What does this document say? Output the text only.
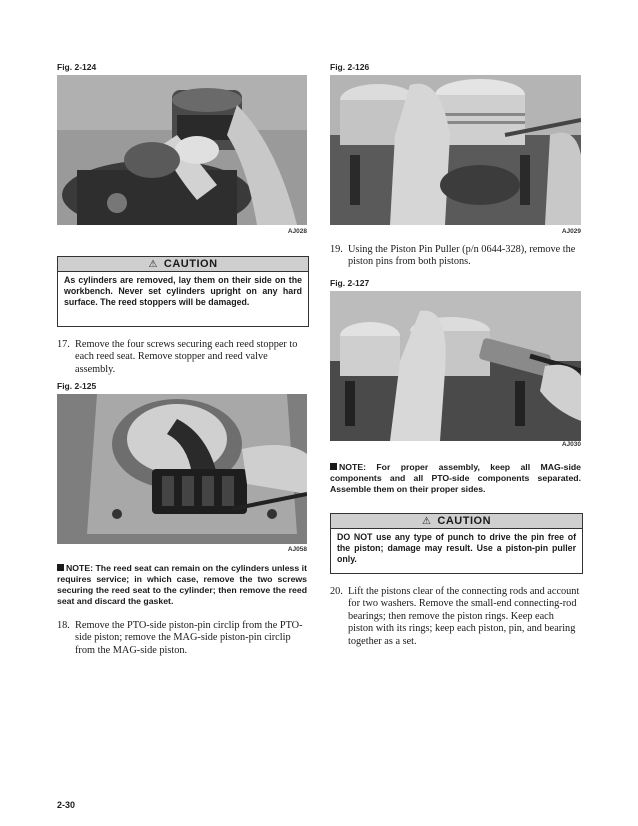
Fig. 2-124
AJ028
⚠ CAUTION
As cylinders are removed, lay them on their side on the workbench. Never set cylinders upright on any hard surface. The reed stoppers will be damaged.
17. Remove the four screws securing each reed stopper to each reed seat. Remove stopper and reed valve assembly.
Fig. 2-125
AJ058
NOTE: The reed seat can remain on the cylinders unless it requires service; in which case, remove the two screws securing the reed seat to the cylinder; then remove the reed seat and discard the gasket.
18. Remove the PTO-side piston-pin circlip from the PTO-side piston; remove the MAG-side piston-pin circlip from the MAG-side piston.
Fig. 2-126
AJ029
19. Using the Piston Pin Puller (p/n 0644-328), remove the piston pins from both pistons.
Fig. 2-127
AJ030
NOTE: For proper assembly, keep all MAG-side components and all PTO-side components separated. Assemble them on their proper sides.
⚠ CAUTION
DO NOT use any type of punch to drive the pin free of the piston; damage may result. Use a piston-pin puller only.
20. Lift the pistons clear of the connecting rods and account for two washers. Remove the small-end connecting-rod bearings; then remove the piston rings. Keep each piston with its rings; keep each piston, pin, and bearing together as a set.
2-30
